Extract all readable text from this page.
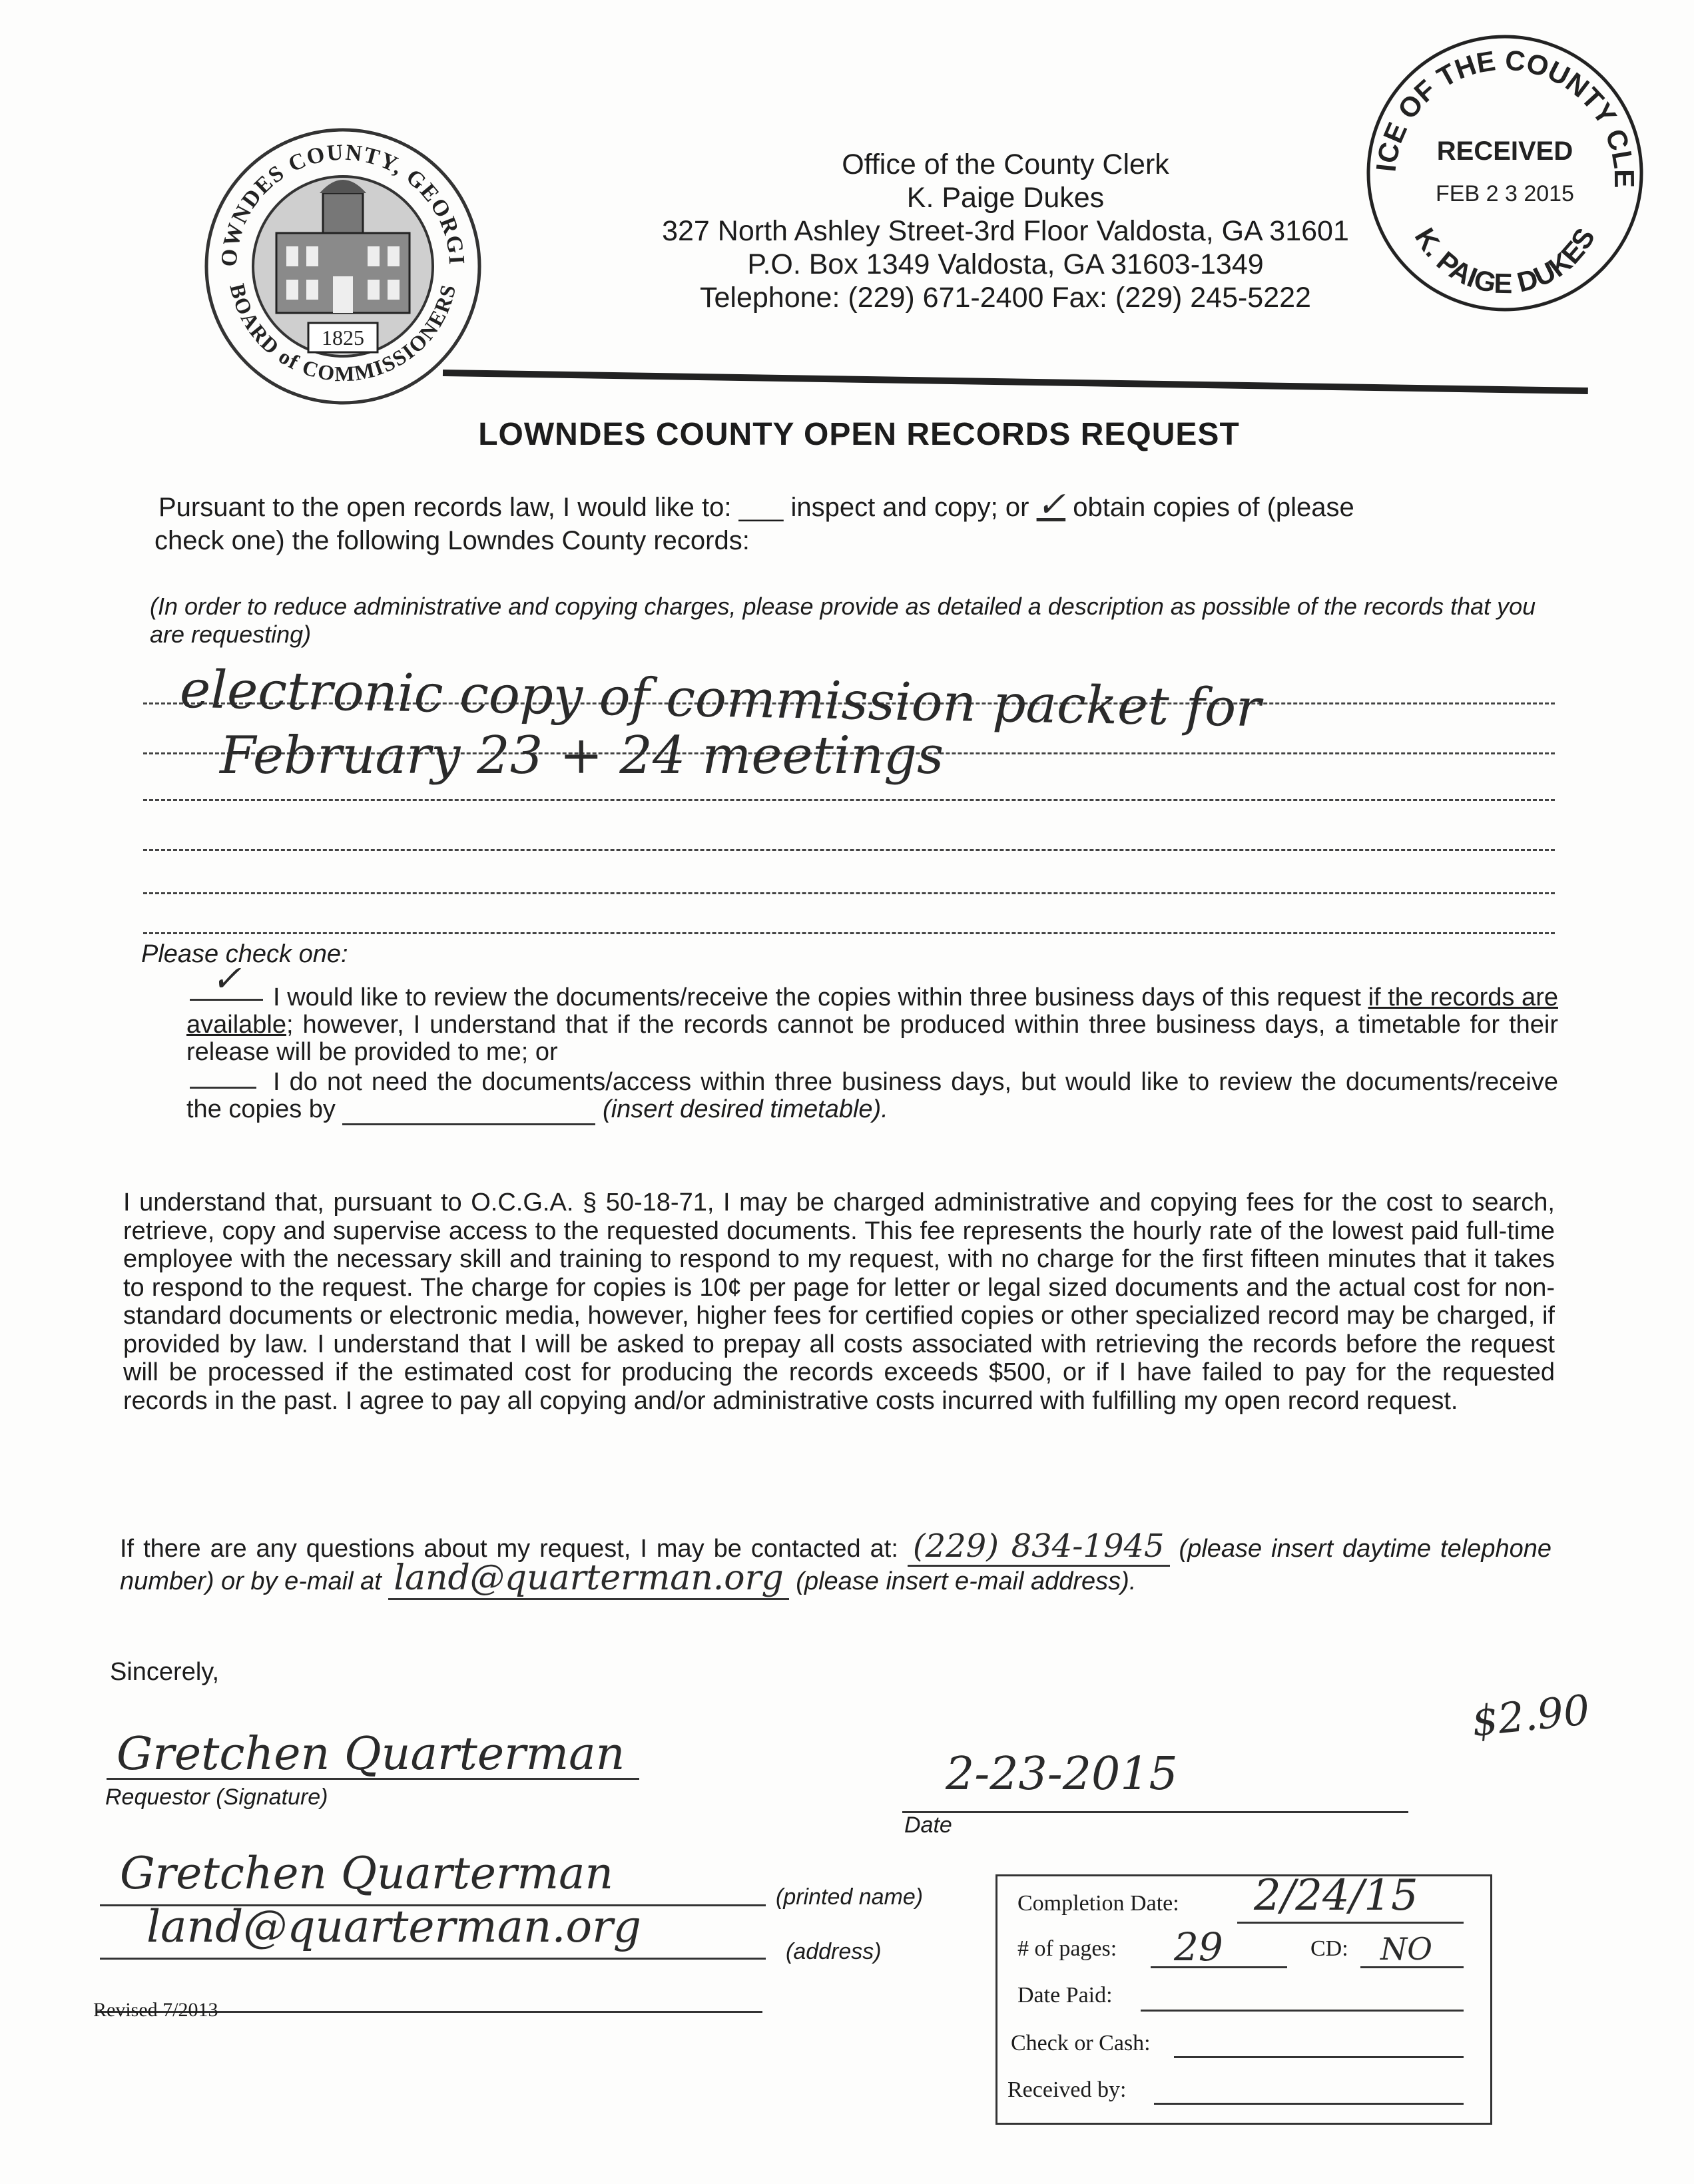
1825
OWNDES COUNTY, GEORGI
BOARD of COMMISSIONERS
Office of the County Clerk
K. Paige Dukes
327 North Ashley Street-3rd Floor Valdosta, GA 31601
P.O. Box 1349 Valdosta, GA 31603-1349
Telephone: (229) 671-2400 Fax: (229) 245-5222
ICE OF THE COUNTY CLE
K. PAIGE DUKES
RECEIVED
FEB 2 3 2015
LOWNDES COUNTY OPEN RECORDS REQUEST
Pursuant to the open records law, I would like to: ___ inspect and copy; or ✓ obtain copies of (please
check one) the following Lowndes County records:
(In order to reduce administrative and copying charges, please provide as detailed a description as possible of the records that you are requesting)
electronic copy of commission packet for
February 23 + 24 meetings
Please check one:
✓	I would like to review the documents/receive the copies within three business days of this request if the records are available; however, I understand that if the records cannot be produced within three business days, a timetable for their release will be provided to me; or
I do not need the documents/access within three business days, but would like to review the documents/receive the copies by	(insert desired timetable).
I understand that, pursuant to O.C.G.A. § 50-18-71, I may be charged administrative and copying fees for the cost to search, retrieve, copy and supervise access to the requested documents. This fee represents the hourly rate of the lowest paid full-time employee with the necessary skill and training to respond to my request, with no charge for the first fifteen minutes that it takes to respond to the request. The charge for copies is 10¢ per page for letter or legal sized documents and the actual cost for non-standard documents or electronic media, however, higher fees for certified copies or other specialized record may be charged, if provided by law. I understand that I will be asked to prepay all costs associated with retrieving the records before the request will be processed if the estimated cost for producing the records exceeds $500, or if I have failed to pay for the requested records in the past. I agree to pay all copying and/or administrative costs incurred with fulfilling my open record request.
If there are any questions about my request, I may be contacted at: (229) 834-1945 (please insert daytime telephone number) or by e-mail at land@quarterman.org (please insert e-mail address).
Sincerely,
$2.90
Gretchen Quarterman
Requestor (Signature)	2-23-2015
Date
Gretchen Quarterman	(printed name)
land@quarterman.org	(address)
Revised 7/2013
Completion Date: 2/24/15
# of pages: 29	CD: NO
Date Paid:
Check or Cash:
Received by:
